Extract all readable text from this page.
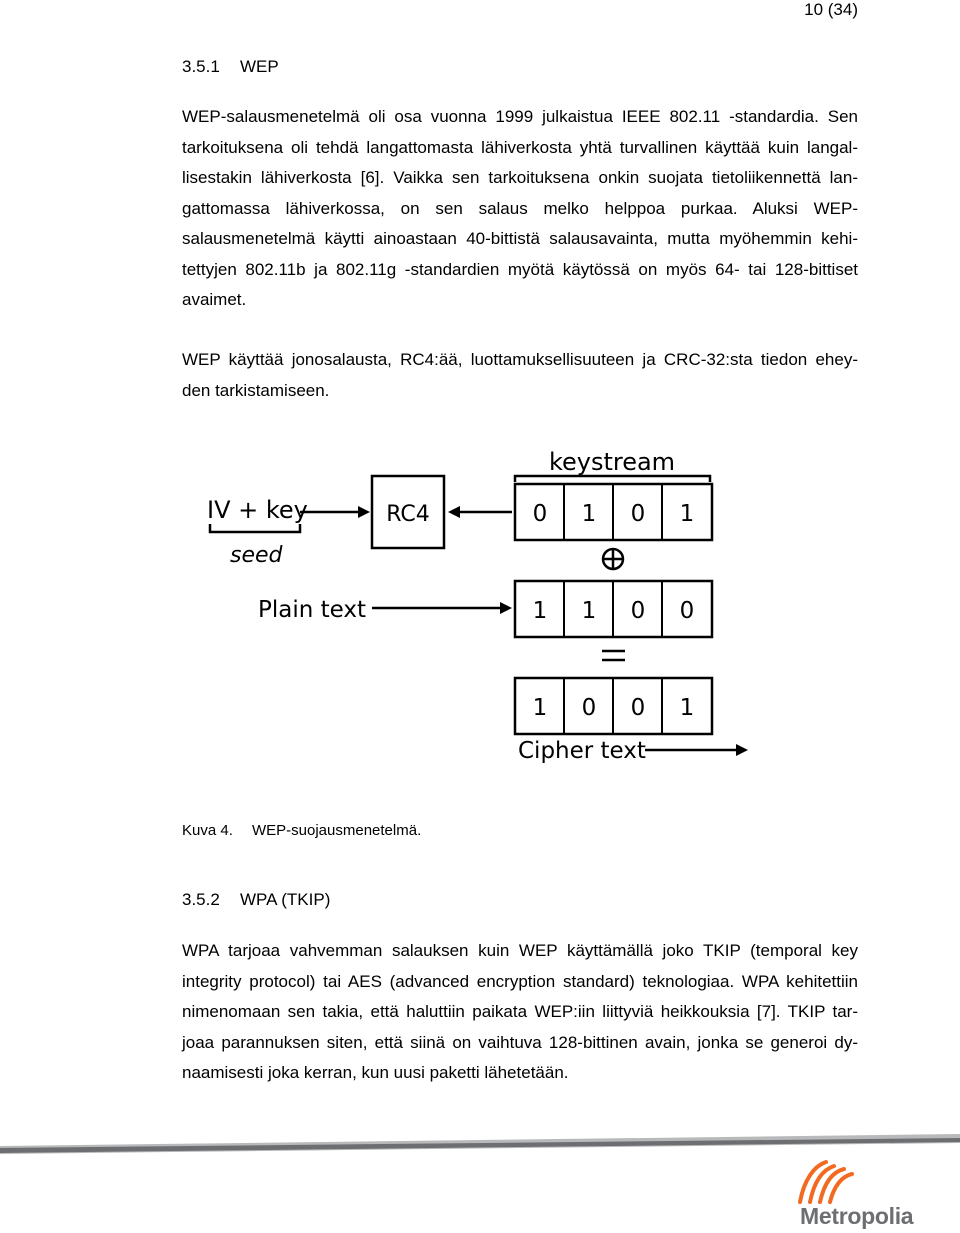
10 (34)
3.5.1 WEP
WEP-salausmenetelmä oli osa vuonna 1999 julkaistua IEEE 802.11 -standardia. Sen
tarkoituksena oli tehdä langattomasta lähiverkosta yhtä turvallinen käyttää kuin langal-
lisestakin lähiverkosta [6]. Vaikka sen tarkoituksena onkin suojata tietoliikennettä lan-
gattomassa lähiverkossa, on sen salaus melko helppoa purkaa. Aluksi WEP-
salausmenetelmä käytti ainoastaan 40-bittistä salausavainta, mutta myöhemmin kehi-
tettyjen 802.11b ja 802.11g -standardien myötä käytössä on myös 64- tai 128-bittiset
avaimet.
WEP käyttää jonosalausta, RC4:ää, luottamuksellisuuteen ja CRC-32:sta tiedon ehey-
den tarkistamiseen.
keystream
IV + key
seed
RC4	0 1 0 1
Plain text	1 1 0 0
1 0 0 1
Cipher text
Kuva 4. WEP-suojausmenetelmä.
3.5.2 WPA (TKIP)
WPA tarjoaa vahvemman salauksen kuin WEP käyttämällä joko TKIP (temporal key
integrity protocol) tai AES (advanced encryption standard) teknologiaa. WPA kehitettiin
nimenomaan sen takia, että haluttiin paikata WEP:iin liittyviä heikkouksia [7]. TKIP tar-
joaa parannuksen siten, että siinä on vaihtuva 128-bittinen avain, jonka se generoi dy-
naamisesti joka kerran, kun uusi paketti lähetetään.
Metropolia
